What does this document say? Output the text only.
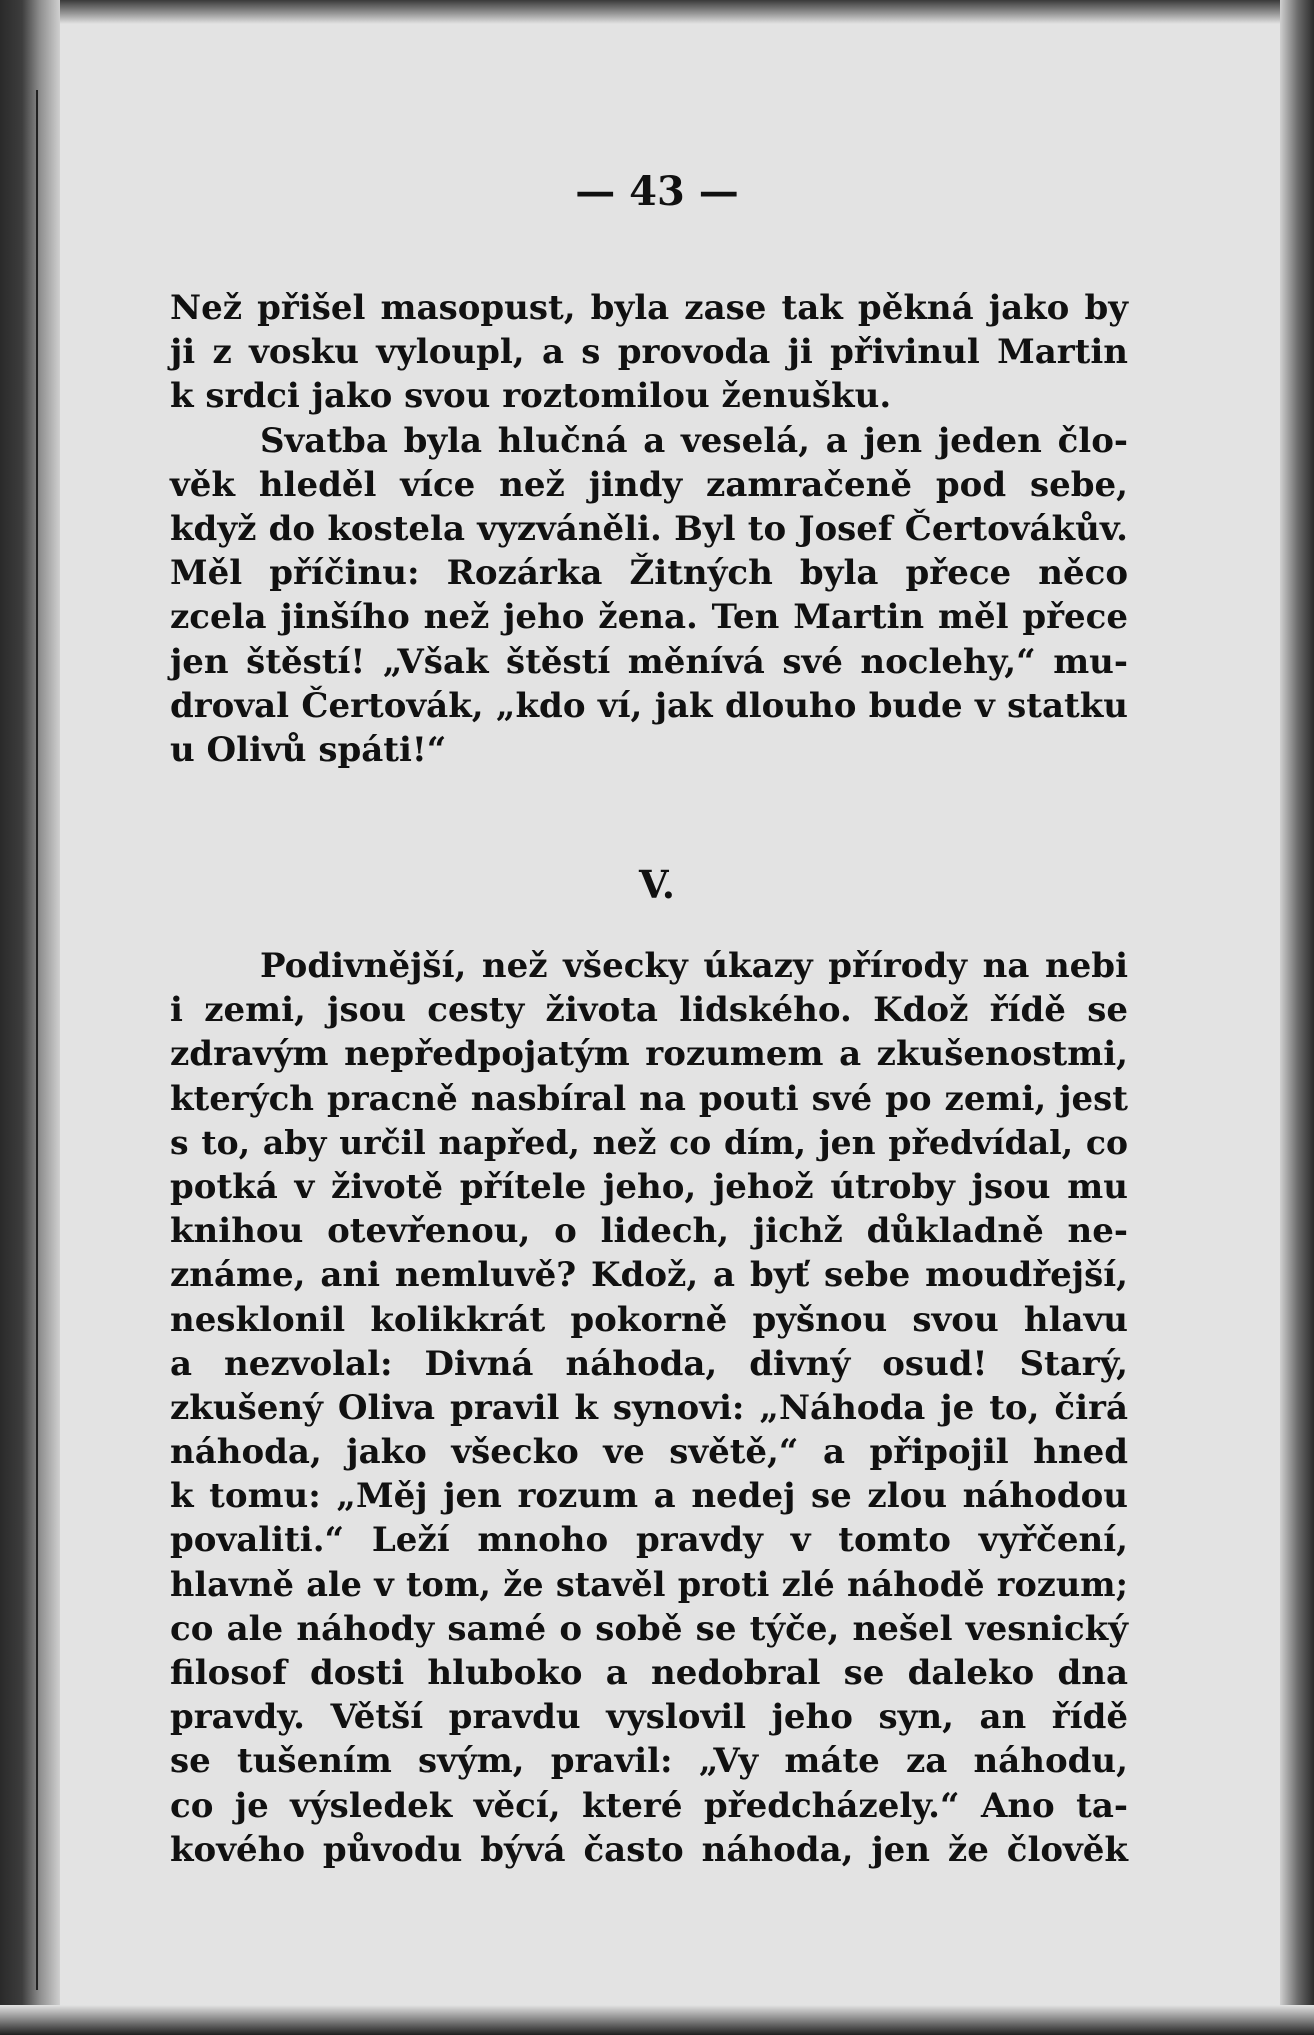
— 43 —
Než přišel masopust, byla zase tak pěkná jako by
ji z vosku vyloupl, a s provoda ji přivinul Martin
k srdci jako svou roztomilou ženušku.
Svatba byla hlučná a veselá, a jen jeden člo-
věk hleděl více než jindy zamračeně pod sebe,
když do kostela vyzváněli. Byl to Josef Čertovákův.
Měl příčinu: Rozárka Žitných byla přece něco
zcela jinšího než jeho žena. Ten Martin měl přece
jen štěstí! „Však štěstí měnívá své noclehy,“ mu-
droval Čertovák, „kdo ví, jak dlouho bude v statku
u Olivů spáti!“
V.
Podivnější, než všecky úkazy přírody na nebi
i zemi, jsou cesty života lidského. Kdož řídě se
zdravým nepředpojatým rozumem a zkušenostmi,
kterých pracně nasbíral na pouti své po zemi, jest
s to, aby určil napřed, než co dím, jen předvídal, co
potká v životě přítele jeho, jehož útroby jsou mu
knihou otevřenou, o lidech, jichž důkladně ne-
známe, ani nemluvě? Kdož, a byť sebe moudřejší,
nesklonil kolikkrát pokorně pyšnou svou hlavu
a nezvolal: Divná náhoda, divný osud! Starý,
zkušený Oliva pravil k synovi: „Náhoda je to, čirá
náhoda, jako všecko ve světě,“ a připojil hned
k tomu: „Měj jen rozum a nedej se zlou náhodou
povaliti.“ Leží mnoho pravdy v tomto vyřčení,
hlavně ale v tom, že stavěl proti zlé náhodě rozum;
co ale náhody samé o sobě se týče, nešel vesnický
filosof dosti hluboko a nedobral se daleko dna
pravdy. Větší pravdu vyslovil jeho syn, an řídě
se tušením svým, pravil: „Vy máte za náhodu,
co je výsledek věcí, které předcházely.“ Ano ta-
kového původu bývá často náhoda, jen že člověk
